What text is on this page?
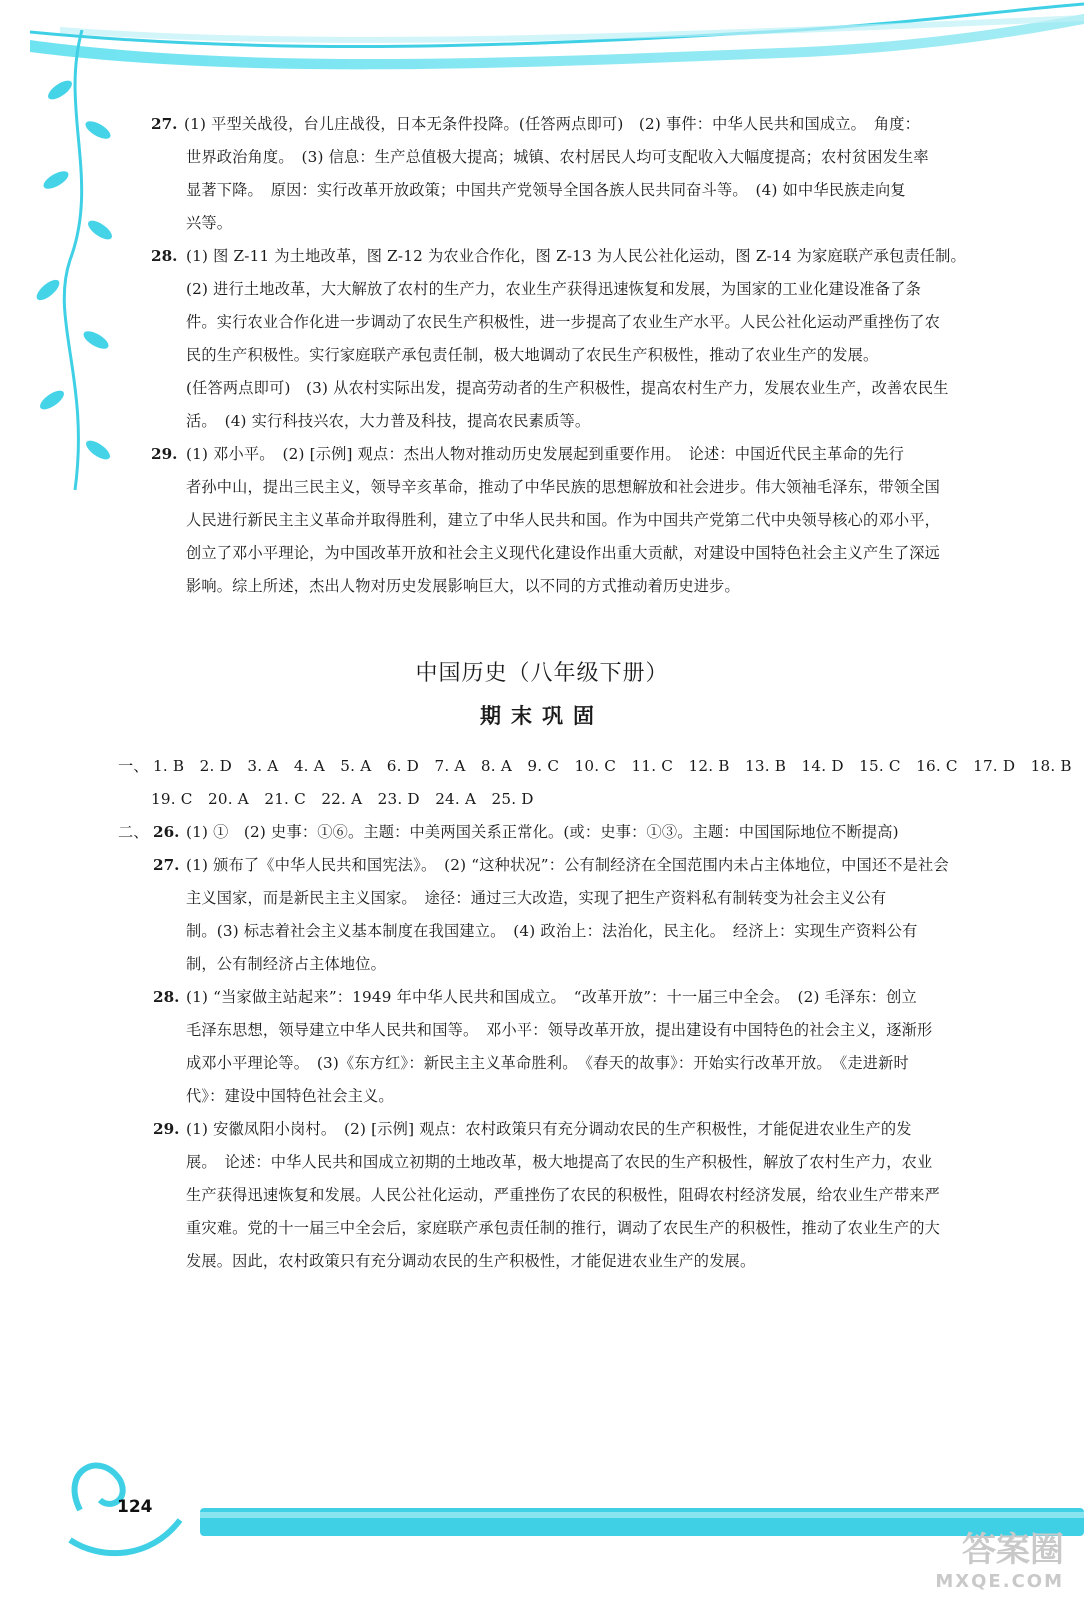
124
答案圈
MXQE.COM
27. (1) 平型关战役，台儿庄战役，日本无条件投降。(任答两点即可)　(2) 事件：中华人民共和国成立。　角度：
世界政治角度。　(3) 信息：生产总值极大提高；城镇、农村居民人均可支配收入大幅度提高；农村贫困发生率
显著下降。　原因：实行改革开放政策；中国共产党领导全国各族人民共同奋斗等。　(4) 如中华民族走向复
兴等。
28. (1) 图 Z-11 为土地改革，图 Z-12 为农业合作化，图 Z-13 为人民公社化运动，图 Z-14 为家庭联产承包责任制。
(2) 进行土地改革，大大解放了农村的生产力，农业生产获得迅速恢复和发展，为国家的工业化建设准备了条
件。实行农业合作化进一步调动了农民生产积极性，进一步提高了农业生产水平。人民公社化运动严重挫伤了农
民的生产积极性。实行家庭联产承包责任制，极大地调动了农民生产积极性，推动了农业生产的发展。
(任答两点即可)　(3) 从农村实际出发，提高劳动者的生产积极性，提高农村生产力，发展农业生产，改善农民生
活。　(4) 实行科技兴农，大力普及科技，提高农民素质等。
29. (1) 邓小平。　(2) [示例] 观点：杰出人物对推动历史发展起到重要作用。　论述：中国近代民主革命的先行
者孙中山，提出三民主义，领导辛亥革命，推动了中华民族的思想解放和社会进步。伟大领袖毛泽东，带领全国
人民进行新民主主义革命并取得胜利，建立了中华人民共和国。作为中国共产党第二代中央领导核心的邓小平，
创立了邓小平理论，为中国改革开放和社会主义现代化建设作出重大贡献，对建设中国特色社会主义产生了深远
影响。综上所述，杰出人物对历史发展影响巨大，以不同的方式推动着历史进步。
中国历史（八年级下册）
期末巩固
一、 1. B　2. D　3. A　4. A　5. A　6. D　7. A　8. A　9. C　10. C　11. C　12. B　13. B　14. D　15. C　16. C　17. D　18. B
19. C　20. A　21. C　22. A　23. D　24. A　25. D
二、 26. (1) ①　(2) 史事：①⑥。主题：中美两国关系正常化。(或：史事：①③。主题：中国国际地位不断提高)
27. (1) 颁布了《中华人民共和国宪法》。　(2) “这种状况”：公有制经济在全国范围内未占主体地位，中国还不是社会
主义国家，而是新民主主义国家。　途径：通过三大改造，实现了把生产资料私有制转变为社会主义公有
制。(3) 标志着社会主义基本制度在我国建立。　(4) 政治上：法治化，民主化。　经济上：实现生产资料公有
制，公有制经济占主体地位。
28. (1) “当家做主站起来”：1949 年中华人民共和国成立。　“改革开放”：十一届三中全会。　(2) 毛泽东：创立
毛泽东思想，领导建立中华人民共和国等。　邓小平：领导改革开放，提出建设有中国特色的社会主义，逐渐形
成邓小平理论等。　(3)《东方红》：新民主主义革命胜利。　《春天的故事》：开始实行改革开放。　《走进新时
代》：建设中国特色社会主义。
29. (1) 安徽凤阳小岗村。　(2) [示例] 观点：农村政策只有充分调动农民的生产积极性，才能促进农业生产的发
展。　论述：中华人民共和国成立初期的土地改革，极大地提高了农民的生产积极性，解放了农村生产力，农业
生产获得迅速恢复和发展。人民公社化运动，严重挫伤了农民的积极性，阻碍农村经济发展，给农业生产带来严
重灾难。党的十一届三中全会后，家庭联产承包责任制的推行，调动了农民生产的积极性，推动了农业生产的大
发展。因此，农村政策只有充分调动农民的生产积极性，才能促进农业生产的发展。
